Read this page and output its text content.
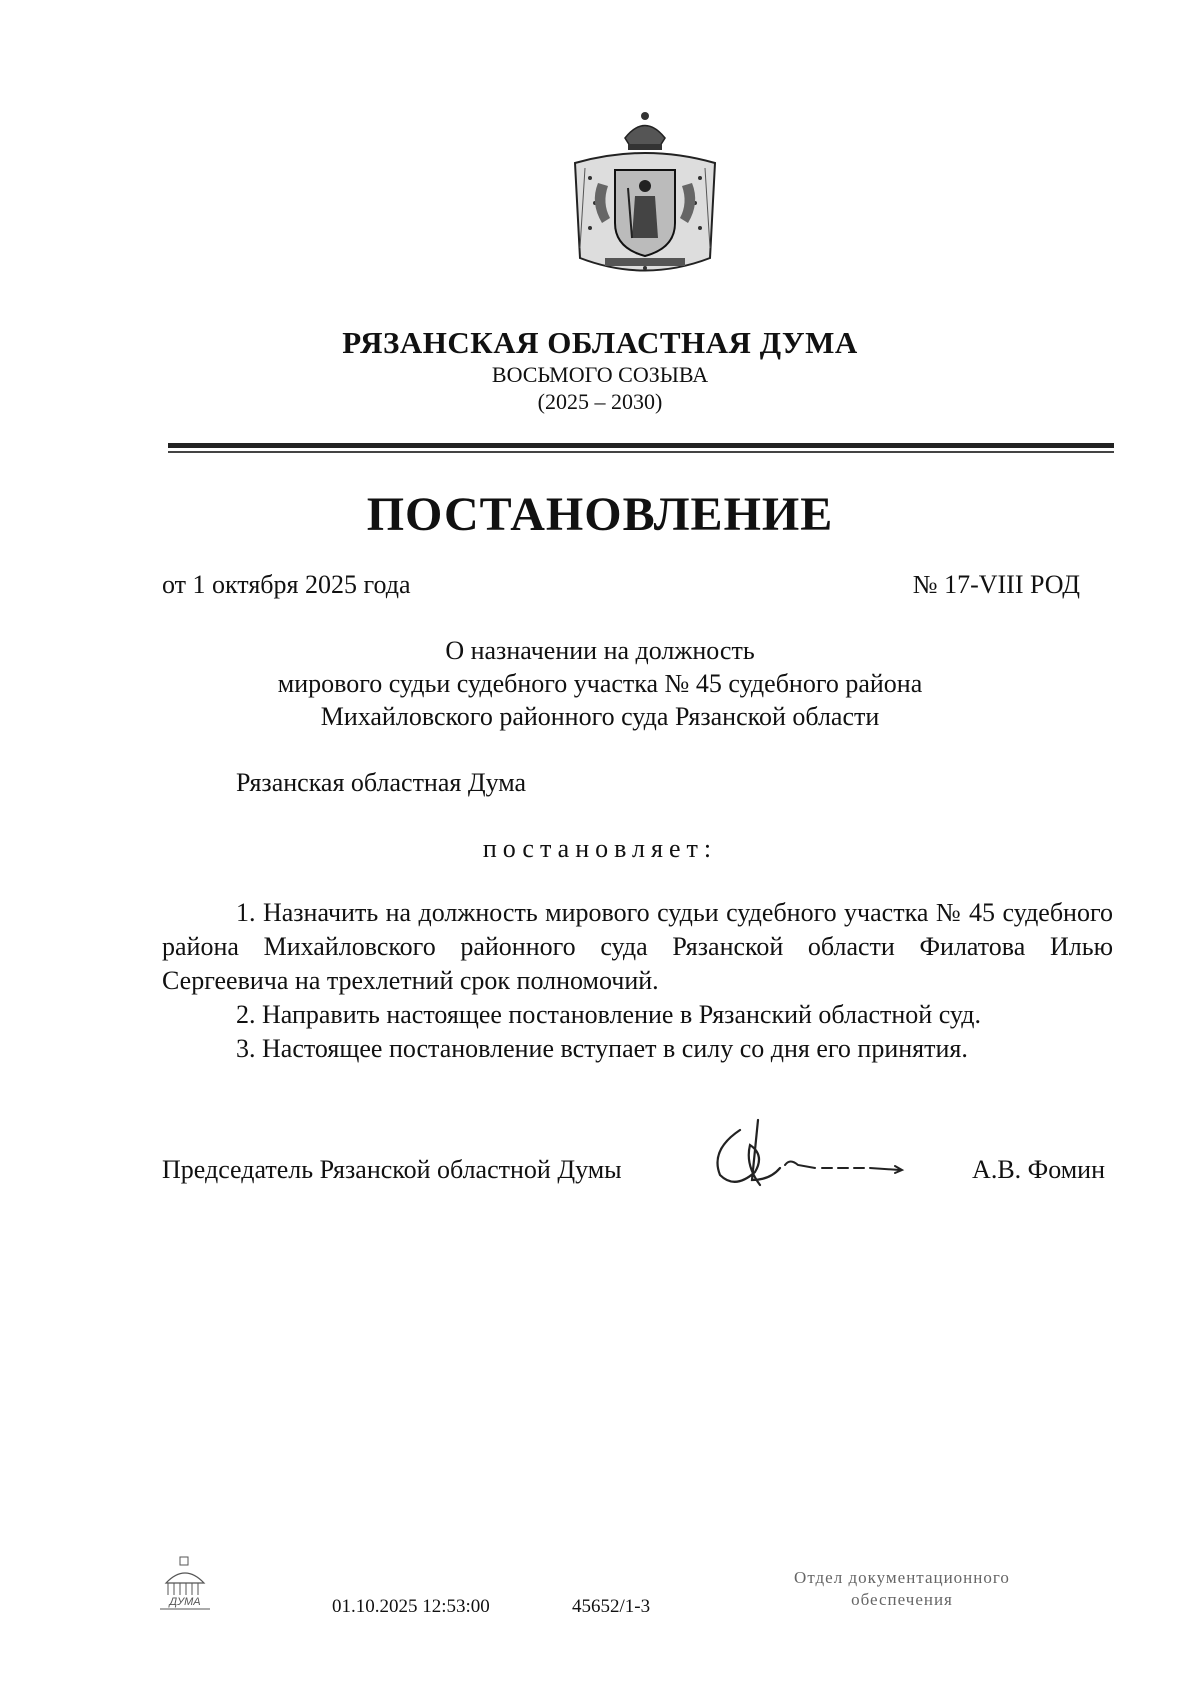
РЯЗАНСКАЯ ОБЛАСТНАЯ ДУМА
ВОСЬМОГО СОЗЫВА
(2025 – 2030)
ПОСТАНОВЛЕНИЕ
от 1 октября 2025 года	№ 17-VIII РОД
О назначении на должность
мирового судьи судебного участка № 45 судебного района
Михайловского районного суда Рязанской области
Рязанская областная Дума
постановляет:

1. Назначить на должность мирового судьи судебного участка № 45 судебного района Михайловского районного суда Рязанской области Филатова Илью Сергеевича на трехлетний срок полномочий.

2. Направить настоящее постановление в Рязанский областной суд.

3. Настоящее постановление вступает в силу со дня его принятия.

Председатель Рязанской областной Думы	А.В. Фомин
ДУМА	01.10.2025 12:53:00	45652/1-3
Отдел документационного
обеспечения
